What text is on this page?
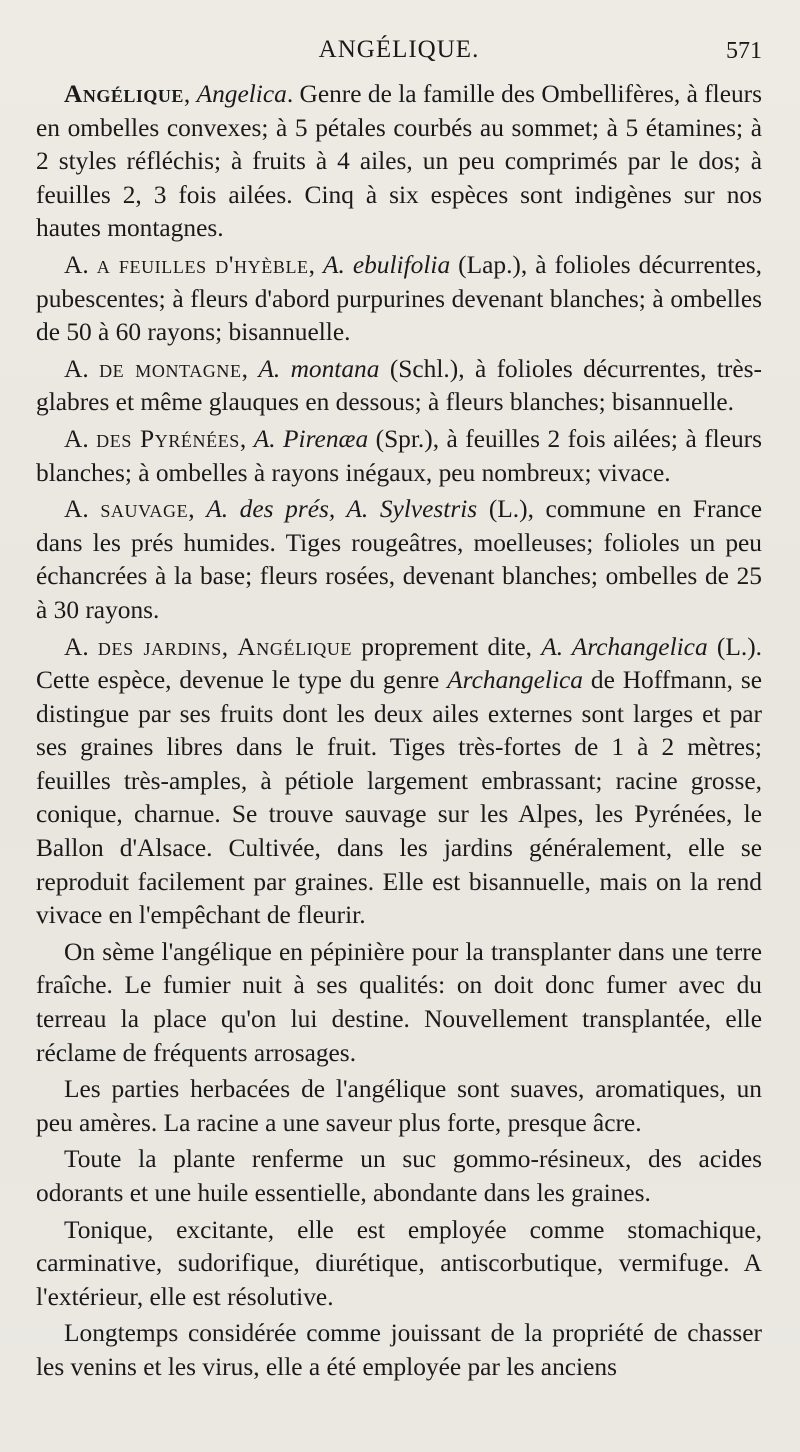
ANGÉLIQUE.	571

Angélique, Angelica. Genre de la famille des Ombellifères, à fleurs en ombelles convexes; à 5 pétales courbés au sommet; à 5 étamines; à 2 styles réfléchis; à fruits à 4 ailes, un peu comprimés par le dos; à feuilles 2, 3 fois ailées. Cinq à six espèces sont indigènes sur nos hautes montagnes.

A. a feuilles d'hyèble, A. ebulifolia (Lap.), à folioles décurrentes, pubescentes; à fleurs d'abord purpurines devenant blanches; à ombelles de 50 à 60 rayons; bisannuelle.

A. de montagne, A. montana (Schl.), à folioles décurrentes, très-glabres et même glauques en dessous; à fleurs blanches; bisannuelle.

A. des Pyrénées, A. Pirenæa (Spr.), à feuilles 2 fois ailées; à fleurs blanches; à ombelles à rayons inégaux, peu nombreux; vivace.

A. sauvage, A. des prés, A. Sylvestris (L.), commune en France dans les prés humides. Tiges rougeâtres, moelleuses; folioles un peu échancrées à la base; fleurs rosées, devenant blanches; ombelles de 25 à 30 rayons.

A. des jardins, Angélique proprement dite, A. Archangelica (L.). Cette espèce, devenue le type du genre Archangelica de Hoffmann, se distingue par ses fruits dont les deux ailes externes sont larges et par ses graines libres dans le fruit. Tiges très-fortes de 1 à 2 mètres; feuilles très-amples, à pétiole largement embrassant; racine grosse, conique, charnue. Se trouve sauvage sur les Alpes, les Pyrénées, le Ballon d'Alsace. Cultivée, dans les jardins généralement, elle se reproduit facilement par graines. Elle est bisannuelle, mais on la rend vivace en l'empêchant de fleurir.

On sème l'angélique en pépinière pour la transplanter dans une terre fraîche. Le fumier nuit à ses qualités: on doit donc fumer avec du terreau la place qu'on lui destine. Nouvellement transplantée, elle réclame de fréquents arrosages.

Les parties herbacées de l'angélique sont suaves, aromatiques, un peu amères. La racine a une saveur plus forte, presque âcre.

Toute la plante renferme un suc gommo-résineux, des acides odorants et une huile essentielle, abondante dans les graines.

Tonique, excitante, elle est employée comme stomachique, carminative, sudorifique, diurétique, antiscorbutique, vermifuge. A l'extérieur, elle est résolutive.

Longtemps considérée comme jouissant de la propriété de chasser les venins et les virus, elle a été employée par les anciens
